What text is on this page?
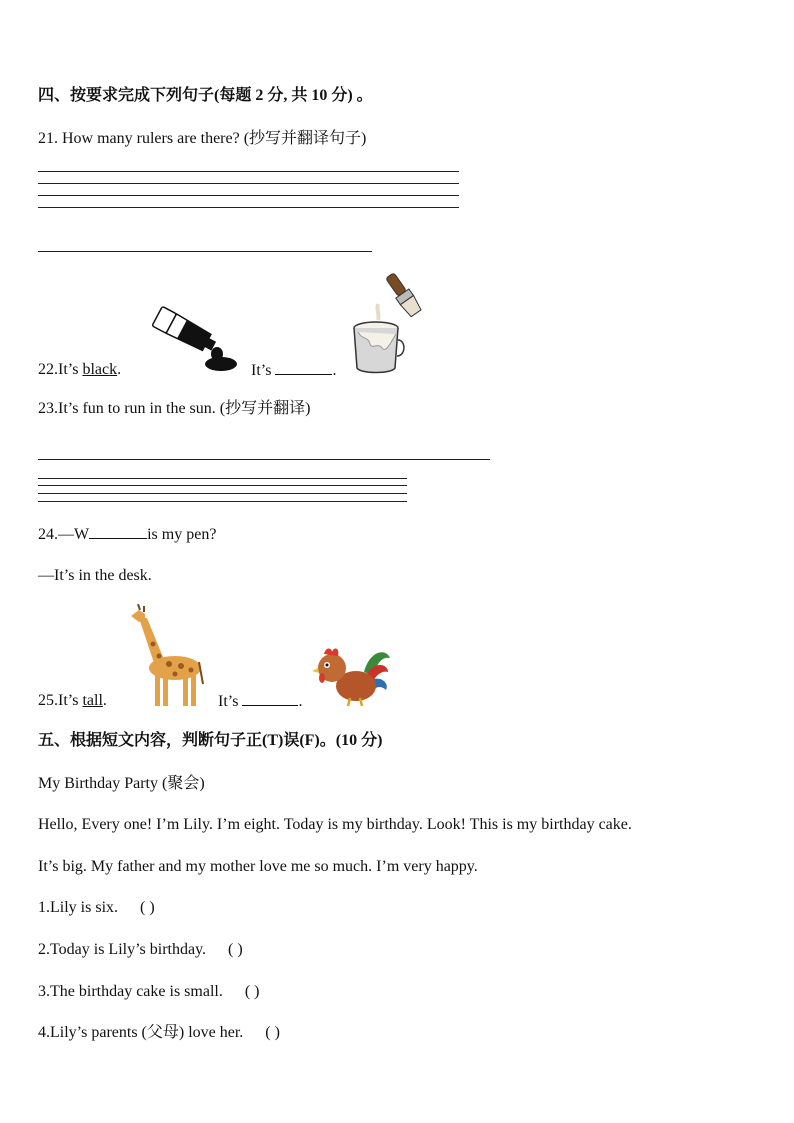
四、按要求完成下列句子(每题 2 分, 共 10 分) 。
21. How many rulers are there? (抄写并翻译句子)
22.It’s black.	It’s	.
23.It’s fun to run in the sun. (抄写并翻译)
24.—W	is my pen?
—It’s in the desk.
25.It’s tall.	It’s	.
五、根据短文内容，判断句子正(T)误(F)。(10 分)
My Birthday Party (聚会)
Hello, Every one! I’m Lily. I’m eight. Today is my birthday. Look! This is my birthday cake.
It’s big. My father and my mother love me so much. I’m very happy.
1.Lily is six. ( )
2.Today is Lily’s birthday. ( )
3.The birthday cake is small. ( )
4.Lily’s parents (父母) love her. ( )
